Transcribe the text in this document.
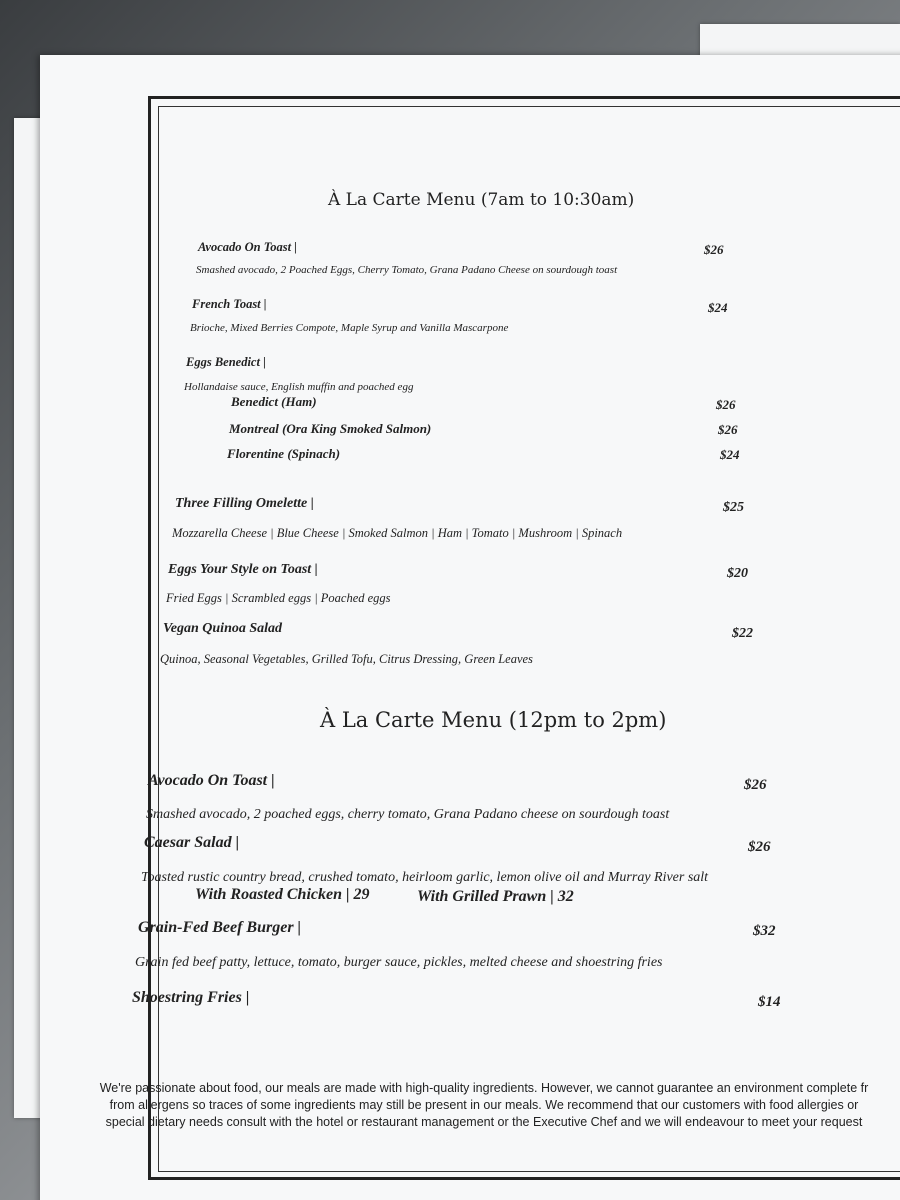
À La Carte Menu (7am to 10:30am)
Avocado On Toast |	$26
Smashed avocado, 2 Poached Eggs, Cherry Tomato, Grana Padano Cheese on sourdough toast
French Toast |	$24
Brioche, Mixed Berries Compote, Maple Syrup and Vanilla Mascarpone
Eggs Benedict |
Hollandaise sauce, English muffin and poached egg
Benedict (Ham)	$26
Montreal (Ora King Smoked Salmon)	$26
Florentine (Spinach)	$24
Three Filling Omelette |	$25
Mozzarella Cheese | Blue Cheese | Smoked Salmon | Ham | Tomato | Mushroom | Spinach
Eggs Your Style on Toast |	$20
Fried Eggs | Scrambled eggs | Poached eggs
Vegan Quinoa Salad	$22
Quinoa, Seasonal Vegetables, Grilled Tofu, Citrus Dressing, Green Leaves
À La Carte Menu (12pm to 2pm)
Avocado On Toast |	$26
Smashed avocado, 2 poached eggs, cherry tomato, Grana Padano cheese on sourdough toast
Caesar Salad |	$26
Toasted rustic country bread, crushed tomato, heirloom garlic, lemon olive oil and Murray River salt
With Roasted Chicken | 29	With Grilled Prawn | 32
Grain-Fed Beef Burger |	$32
Grain fed beef patty, lettuce, tomato, burger sauce, pickles, melted cheese and shoestring fries
Shoestring Fries |	$14
We're passionate about food, our meals are made with high-quality ingredients. However, we cannot guarantee an environment complete fr
from allergens so traces of some ingredients may still be present in our meals. We recommend that our customers with food allergies or
special dietary needs consult with the hotel or restaurant management or the Executive Chef and we will endeavour to meet your request
